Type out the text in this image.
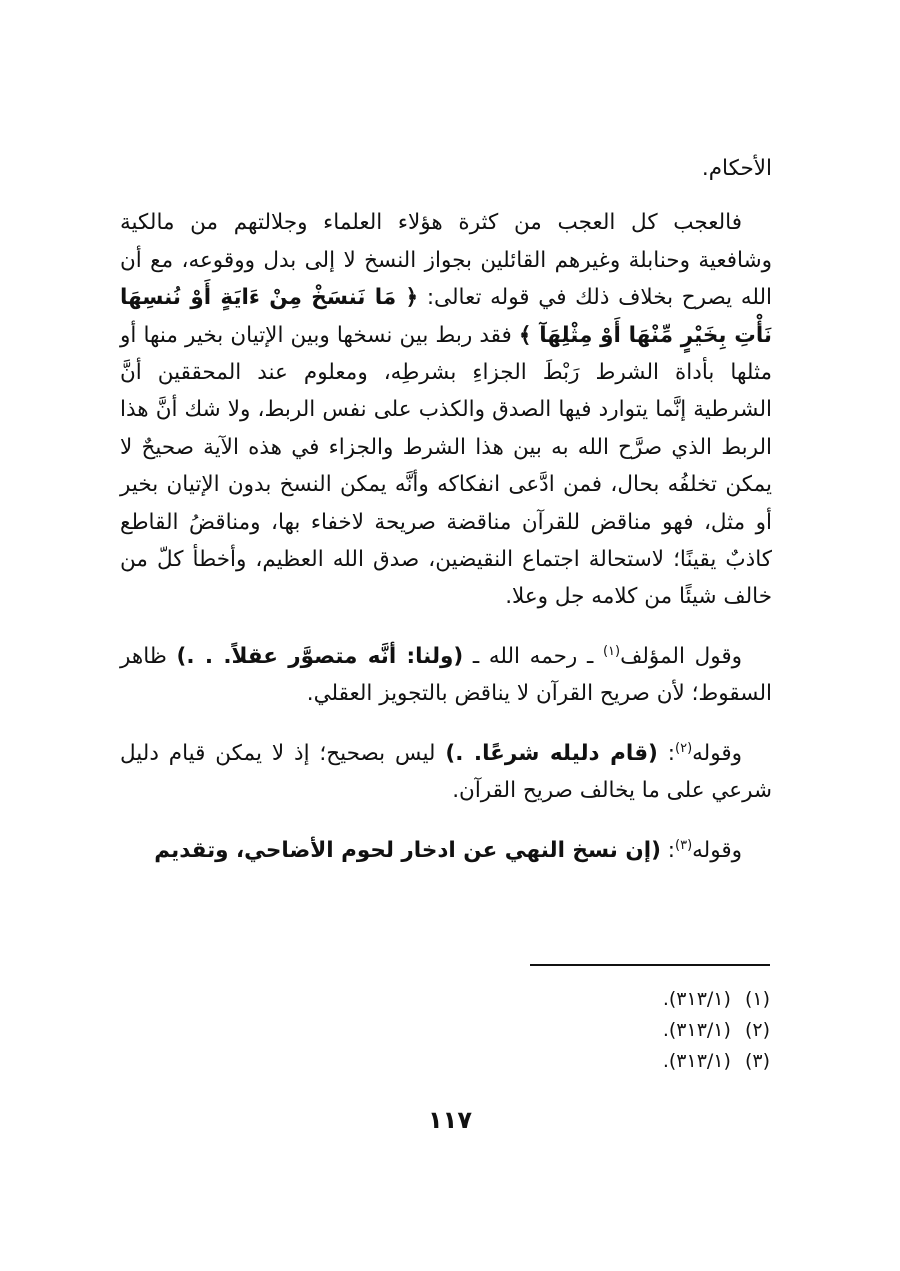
الأحكام.

فالعجب كل العجب من كثرة هؤلاء العلماء وجلالتهم من مالكية وشافعية وحنابلة وغيرهم القائلين بجواز النسخ لا إلى بدل ووقوعه، مع أن الله يصرح بخلاف ذلك في قوله تعالى: ﴿ مَا نَنسَخْ مِنْ ءَايَةٍ أَوْ نُنسِهَا نَأْتِ بِخَيْرٍ مِّنْهَا أَوْ مِثْلِهَآ ﴾ فقد ربط بين نسخها وبين الإتيان بخير منها أو مثلها بأداة الشرط رَبْطَ الجزاءِ بشرطِه، ومعلوم عند المحققين أنَّ الشرطية إنَّما يتوارد فيها الصدق والكذب على نفس الربط، ولا شك أنَّ هذا الربط الذي صرَّح الله به بين هذا الشرط والجزاء في هذه الآية صحيحٌ لا يمكن تخلفُه بحال، فمن ادَّعى انفكاكه وأنَّه يمكن النسخ بدون الإتيان بخير أو مثل، فهو مناقض للقرآن مناقضة صريحة لاخفاء بها، ومناقضُ القاطع كاذبٌ يقينًا؛ لاستحالة اجتماع النقيضين، صدق الله العظيم، وأخطأ كلّ من خالف شيئًا من كلامه جل وعلا.

وقول المؤلف$^{(١)}$ ـ رحمه الله ـ (ولنا: أنَّه متصوَّر عقلاً. . .) ظاهر السقوط؛ لأن صريح القرآن لا يناقض بالتجويز العقلي.

وقوله$^{(٢)}$: (قام دليله شرعًا. .) ليس بصحيح؛ إذ لا يمكن قيام دليل شرعي على ما يخالف صريح القرآن.

وقوله$^{(٣)}$: (إن نسخ النهي عن ادخار لحوم الأضاحي، وتقديم

(١)
(٣١٣/١).
(٢)
(٣١٣/١).
(٣)
(٣١٣/١).
١١٧
